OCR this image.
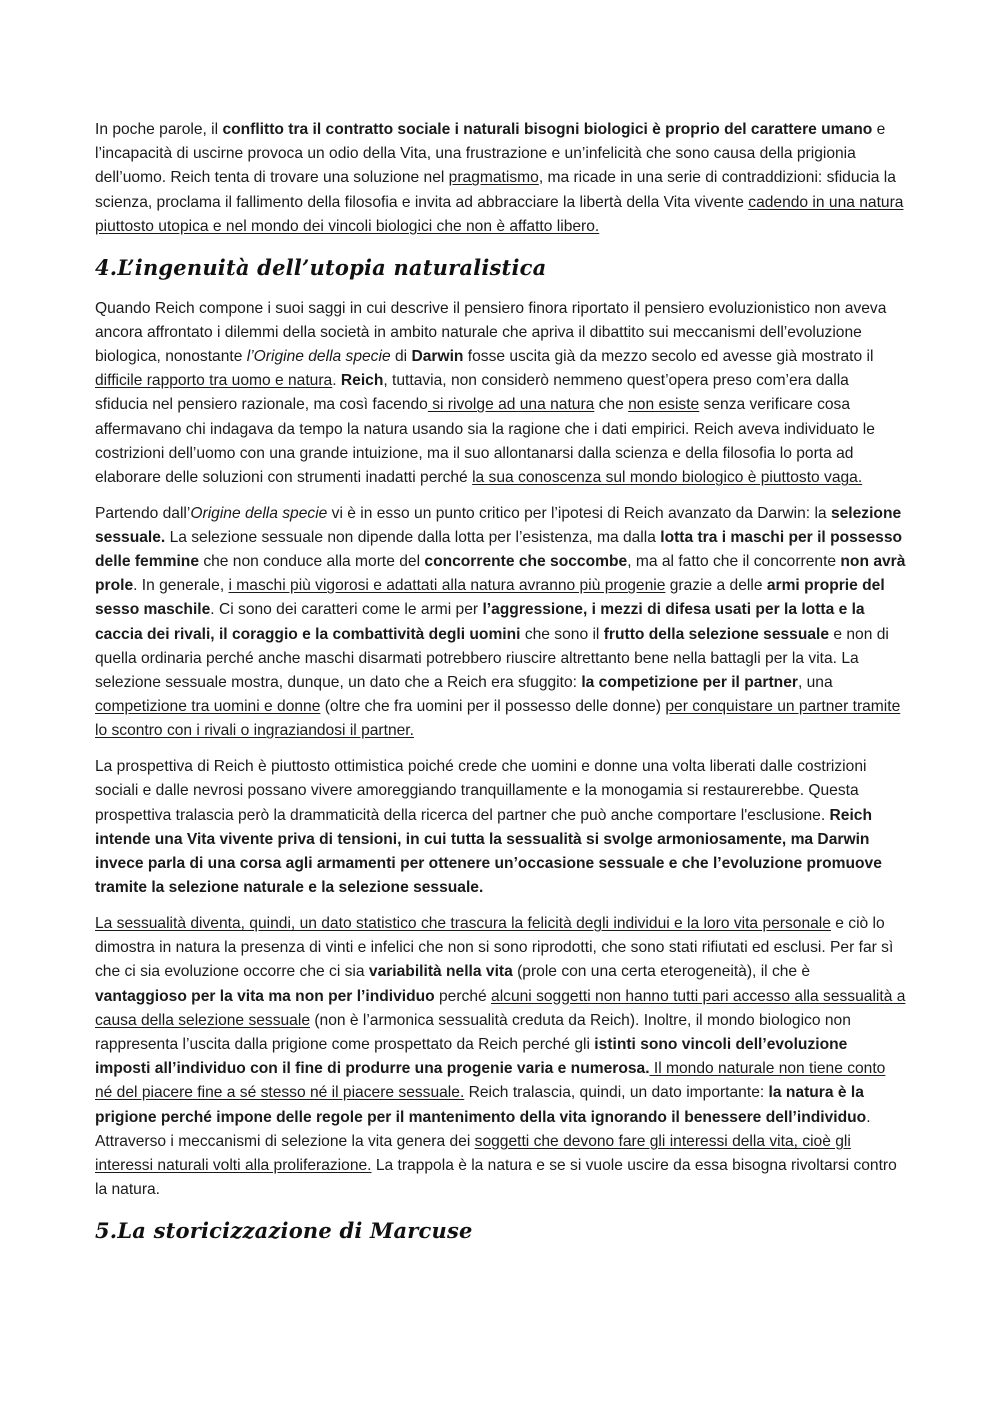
In poche parole, il conflitto tra il contratto sociale i naturali bisogni biologici è proprio del carattere umano e l’incapacità di uscirne provoca un odio della Vita, una frustrazione e un’infelicità che sono causa della prigionia dell’uomo. Reich tenta di trovare una soluzione nel pragmatismo, ma ricade in una serie di contraddizioni: sfiducia la scienza, proclama il fallimento della filosofia e invita ad abbracciare la libertà della Vita vivente cadendo in una natura piuttosto utopica e nel mondo dei vincoli biologici che non è affatto libero.

4.L’ingenuità dell’utopia naturalistica

Quando Reich compone i suoi saggi in cui descrive il pensiero finora riportato il pensiero evoluzionistico non aveva ancora affrontato i dilemmi della società in ambito naturale che apriva il dibattito sui meccanismi dell’evoluzione biologica, nonostante l’Origine della specie di Darwin fosse uscita già da mezzo secolo ed avesse già mostrato il difficile rapporto tra uomo e natura. Reich, tuttavia, non considerò nemmeno quest’opera preso com’era dalla sfiducia nel pensiero razionale, ma così facendo si rivolge ad una natura che non esiste senza verificare cosa affermavano chi indagava da tempo la natura usando sia la ragione che i dati empirici. Reich aveva individuato le costrizioni dell’uomo con una grande intuizione, ma il suo allontanarsi dalla scienza e della filosofia lo porta ad elaborare delle soluzioni con strumenti inadatti perché la sua conoscenza sul mondo biologico è piuttosto vaga.

Partendo dall’Origine della specie vi è in esso un punto critico per l’ipotesi di Reich avanzato da Darwin: la selezione sessuale. La selezione sessuale non dipende dalla lotta per l’esistenza, ma dalla lotta tra i maschi per il possesso delle femmine che non conduce alla morte del concorrente che soccombe, ma al fatto che il concorrente non avrà prole. In generale, i maschi più vigorosi e adattati alla natura avranno più progenie grazie a delle armi proprie del sesso maschile. Ci sono dei caratteri come le armi per l’aggressione, i mezzi di difesa usati per la lotta e la caccia dei rivali, il coraggio e la combattività degli uomini che sono il frutto della selezione sessuale e non di quella ordinaria perché anche maschi disarmati potrebbero riuscire altrettanto bene nella battagli per la vita. La selezione sessuale mostra, dunque, un dato che a Reich era sfuggito: la competizione per il partner, una competizione tra uomini e donne (oltre che fra uomini per il possesso delle donne) per conquistare un partner tramite lo scontro con i rivali o ingraziandosi il partner.

La prospettiva di Reich è piuttosto ottimistica poiché crede che uomini e donne una volta liberati dalle costrizioni sociali e dalle nevrosi possano vivere amoreggiando tranquillamente e la monogamia si restaurerebbe. Questa prospettiva tralascia però la drammaticità della ricerca del partner che può anche comportare l'esclusione. Reich intende una Vita vivente priva di tensioni, in cui tutta la sessualità si svolge armoniosamente, ma Darwin invece parla di una corsa agli armamenti per ottenere un’occasione sessuale e che l’evoluzione promuove tramite la selezione naturale e la selezione sessuale.

La sessualità diventa, quindi, un dato statistico che trascura la felicità degli individui e la loro vita personale e ciò lo dimostra in natura la presenza di vinti e infelici che non si sono riprodotti, che sono stati rifiutati ed esclusi. Per far sì che ci sia evoluzione occorre che ci sia variabilità nella vita (prole con una certa eterogeneità), il che è vantaggioso per la vita ma non per l’individuo perché alcuni soggetti non hanno tutti pari accesso alla sessualità a causa della selezione sessuale (non è l’armonica sessualità creduta da Reich). Inoltre, il mondo biologico non rappresenta l’uscita dalla prigione come prospettato da Reich perché gli istinti sono vincoli dell’evoluzione imposti all’individuo con il fine di produrre una progenie varia e numerosa. Il mondo naturale non tiene conto né del piacere fine a sé stesso né il piacere sessuale. Reich tralascia, quindi, un dato importante: la natura è la prigione perché impone delle regole per il mantenimento della vita ignorando il benessere dell’individuo. Attraverso i meccanismi di selezione la vita genera dei soggetti che devono fare gli interessi della vita, cioè gli interessi naturali volti alla proliferazione. La trappola è la natura e se si vuole uscire da essa bisogna rivoltarsi contro la natura.

5.La storicizzazione di Marcuse
